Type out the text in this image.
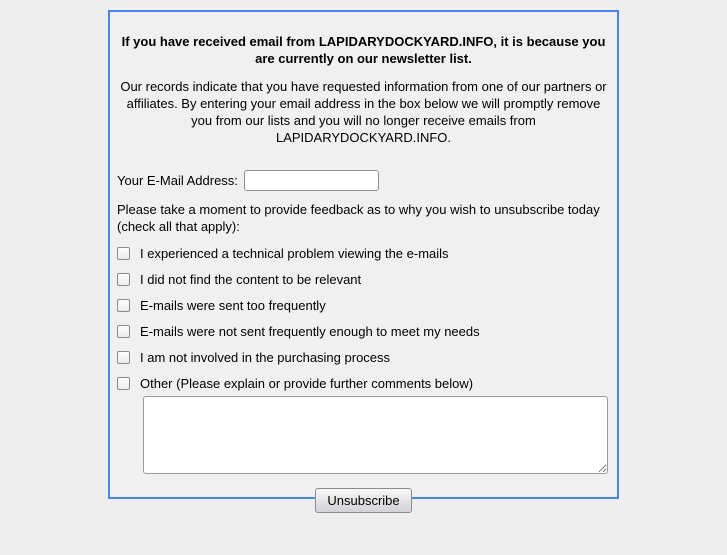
If you have received email from LAPIDARYDOCKYARD.INFO, it is because you are currently on our newsletter list.
Our records indicate that you have requested information from one of our partners or affiliates. By entering your email address in the box below we will promptly remove you from our lists and you will no longer receive emails from LAPIDARYDOCKYARD.INFO.
Your E-Mail Address:
Please take a moment to provide feedback as to why you wish to unsubscribe today (check all that apply):
I experienced a technical problem viewing the e-mails
I did not find the content to be relevant
E-mails were sent too frequently
E-mails were not sent frequently enough to meet my needs
I am not involved in the purchasing process
Other (Please explain or provide further comments below)
Unsubscribe
